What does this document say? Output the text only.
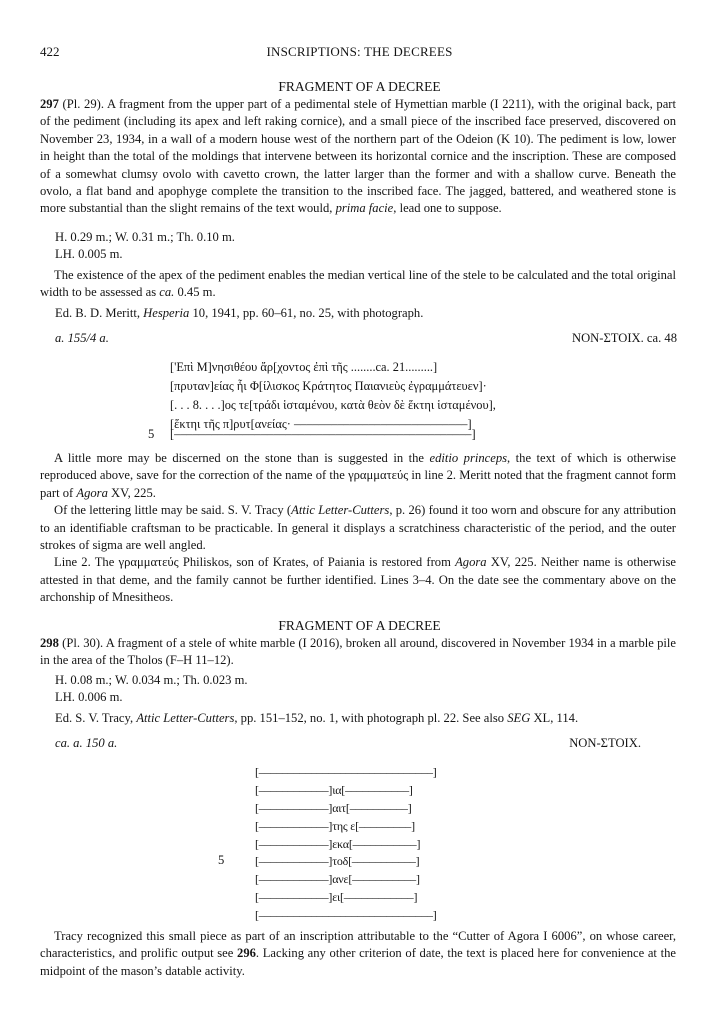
422	INSCRIPTIONS: THE DECREES
FRAGMENT OF A DECREE

297 (Pl. 29). A fragment from the upper part of a pedimental stele of Hymettian marble (I 2211), with the original back, part of the pediment (including its apex and left raking cornice), and a small piece of the inscribed face preserved, discovered on November 23, 1934, in a wall of a modern house west of the northern part of the Odeion (K 10). The pediment is low, lower in height than the total of the moldings that intervene between its horizontal cornice and the inscription. These are composed of a somewhat clumsy ovolo with cavetto crown, the latter larger than the former and with a shallow curve. Beneath the ovolo, a flat band and apophyge complete the transition to the inscribed face. The jagged, battered, and weathered stone is more substantial than the slight remains of the text would, prima facie, lead one to suppose.

H. 0.29 m.; W. 0.31 m.; Th. 0.10 m.
LH. 0.005 m.

The existence of the apex of the pediment enables the median vertical line of the stele to be calculated and the total original width to be assessed as ca. 0.45 m.

Ed. B. D. Meritt, Hesperia 10, 1941, pp. 60–61, no. 25, with photograph.
a. 155/4 a.	NON-ΣΤΟΙΧ. ca. 48
['Επὶ Μ]νησιθέου ἄρ[χοντος ἐπὶ τῆς ........ca. 21.........]
[πρυταν]είας ἧι Φ[ίλισκος Κράτητος Παιανιεὺς ἐγραμμάτευεν]·
[. . . 8. . . .]ος τε[τράδι ἱσταμένου, κατὰ θεὸν δὲ ἕκτηι ἱσταμένου],
[ἕκτηι τῆς π]ρυτ[ανείας· ––––––––––––––––––––––––––––]
5 [––––––––––––––––––––––––––––––––––––––––––––––––]

A little more may be discerned on the stone than is suggested in the editio princeps, the text of which is otherwise reproduced above, save for the correction of the name of the γραμματεύς in line 2. Meritt noted that the fragment cannot form part of Agora XV, 225.

Of the lettering little may be said. S. V. Tracy (Attic Letter-Cutters, p. 26) found it too worn and obscure for any attribution to an identifiable craftsman to be practicable. In general it displays a scratchiness characteristic of the period, and the outer strokes of sigma are well angled.

Line 2. The γραμματεύς Philiskos, son of Krates, of Paiania is restored from Agora XV, 225. Neither name is otherwise attested in that deme, and the family cannot be further identified. Lines 3–4. On the date see the commentary above on the archonship of Mnesitheos.

FRAGMENT OF A DECREE

298 (Pl. 30). A fragment of a stele of white marble (I 2016), broken all around, discovered in November 1934 in a marble pile in the area of the Tholos (F–H 11–12).

H. 0.08 m.; W. 0.034 m.; Th. 0.023 m.
LH. 0.006 m.
Ed. S. V. Tracy, Attic Letter-Cutters, pp. 151–152, no. 1, with photograph pl. 22. See also SEG XL, 114.
ca. a. 150 a.	NON-ΣΤΟΙΧ.
[––––––––––––––––––––––––––––––]
[––––––––––––]ια[–––––––––––]
[––––––––––––]αιτ[––––––––––]
[––––––––––––]της ε[–––––––––]
[––––––––––––]εκα[–––––––––––]
5	[––––––––––––]τοδ[–––––––––––]
[––––––––––––]ανε[–––––––––––]
[––––––––––––]ει[––––––––––––]
[––––––––––––––––––––––––––––––]

Tracy recognized this small piece as part of an inscription attributable to the “Cutter of Agora I 6006”, on whose career, characteristics, and prolific output see 296. Lacking any other criterion of date, the text is placed here for convenience at the midpoint of the mason’s datable activity.
